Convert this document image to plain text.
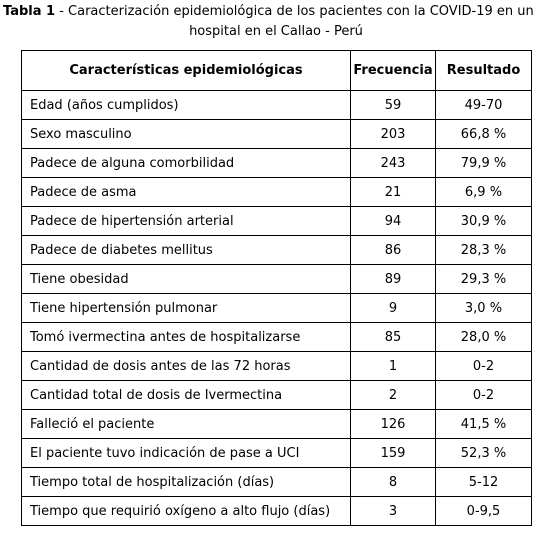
Tabla 1 - Caracterización epidemiológica de los pacientes con la COVID-19 en un
hospital en el Callao - Perú
Características epidemiológicas	Frecuencia	Resultado
Edad (años cumplidos)	59	49-70
Sexo masculino	203	66,8 %
Padece de alguna comorbilidad	243	79,9 %
Padece de asma	21	6,9 %
Padece de hipertensión arterial	94	30,9 %
Padece de diabetes mellitus	86	28,3 %
Tiene obesidad	89	29,3 %
Tiene hipertensión pulmonar	9	3,0 %
Tomó ivermectina antes de hospitalizarse	85	28,0 %
Cantidad de dosis antes de las 72 horas	1	0-2
Cantidad total de dosis de Ivermectina	2	0-2
Falleció el paciente	126	41,5 %
El paciente tuvo indicación de pase a UCI	159	52,3 %
Tiempo total de hospitalización (días)	8	5-12
Tiempo que requirió oxígeno a alto flujo (días)	3	0-9,5
